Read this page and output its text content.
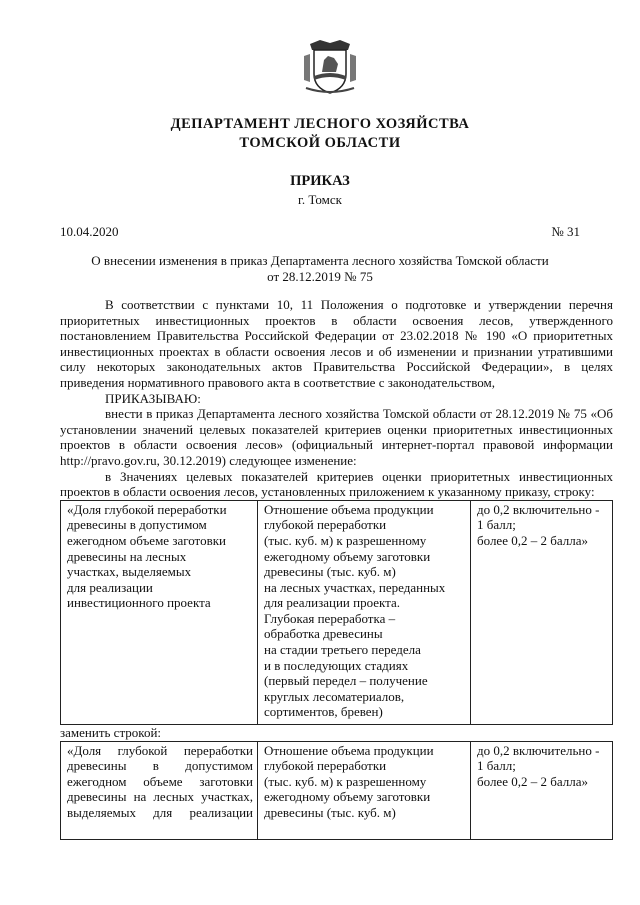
ДЕПАРТАМЕНТ ЛЕСНОГО ХОЗЯЙСТВА
ТОМСКОЙ ОБЛАСТИ
ПРИКАЗ
г. Томск
10.04.2020	№ 31
О внесении изменения в приказ Департамента лесного хозяйства Томской области
от 28.12.2019 № 75

В соответствии с пунктами 10, 11 Положения о подготовке и утверждении перечня приоритетных инвестиционных проектов в области освоения лесов, утвержденного постановлением Правительства Российской Федерации от 23.02.2018 № 190 «О приоритетных инвестиционных проектах в области освоения лесов и об изменении и признании утратившими силу некоторых законодательных актов Правительства Российской Федерации», в целях приведения нормативного правового акта в соответствие с законодательством,

ПРИКАЗЫВАЮ:

внести в приказ Департамента лесного хозяйства Томской области от 28.12.2019 № 75 «Об установлении значений целевых показателей критериев оценки приоритетных инвестиционных проектов в области освоения лесов» (официальный интернет-портал правовой информации http://pravo.gov.ru, 30.12.2019) следующее изменение:

в Значениях целевых показателей критериев оценки приоритетных инвестиционных проектов в области освоения лесов, установленных приложением к указанному приказу, строку:

«Доля глубокой переработки
древесины в допустимом
ежегодном объеме заготовки
древесины на лесных
участках, выделяемых
для реализации
инвестиционного проекта

Отношение объема продукции
глубокой переработки
(тыс. куб. м) к разрешенному
ежегодному объему заготовки
древесины (тыс. куб. м)
на лесных участках, переданных
для реализации проекта.
Глубокая переработка –
обработка древесины
на стадии третьего передела
и в последующих стадиях
(первый передел – получение
круглых лесоматериалов,
сортиментов, бревен)

до 0,2 включительно -
1 балл;
более 0,2 – 2 балла»

заменить строкой:

«Доля глубокой переработки
древесины в допустимом
ежегодном объеме заготовки
древесины на лесных участках,
выделяемых для реализации

Отношение объема продукции
глубокой переработки
(тыс. куб. м) к разрешенному
ежегодному объему заготовки
древесины (тыс. куб. м)

до 0,2 включительно -
1 балл;
более 0,2 – 2 балла»
